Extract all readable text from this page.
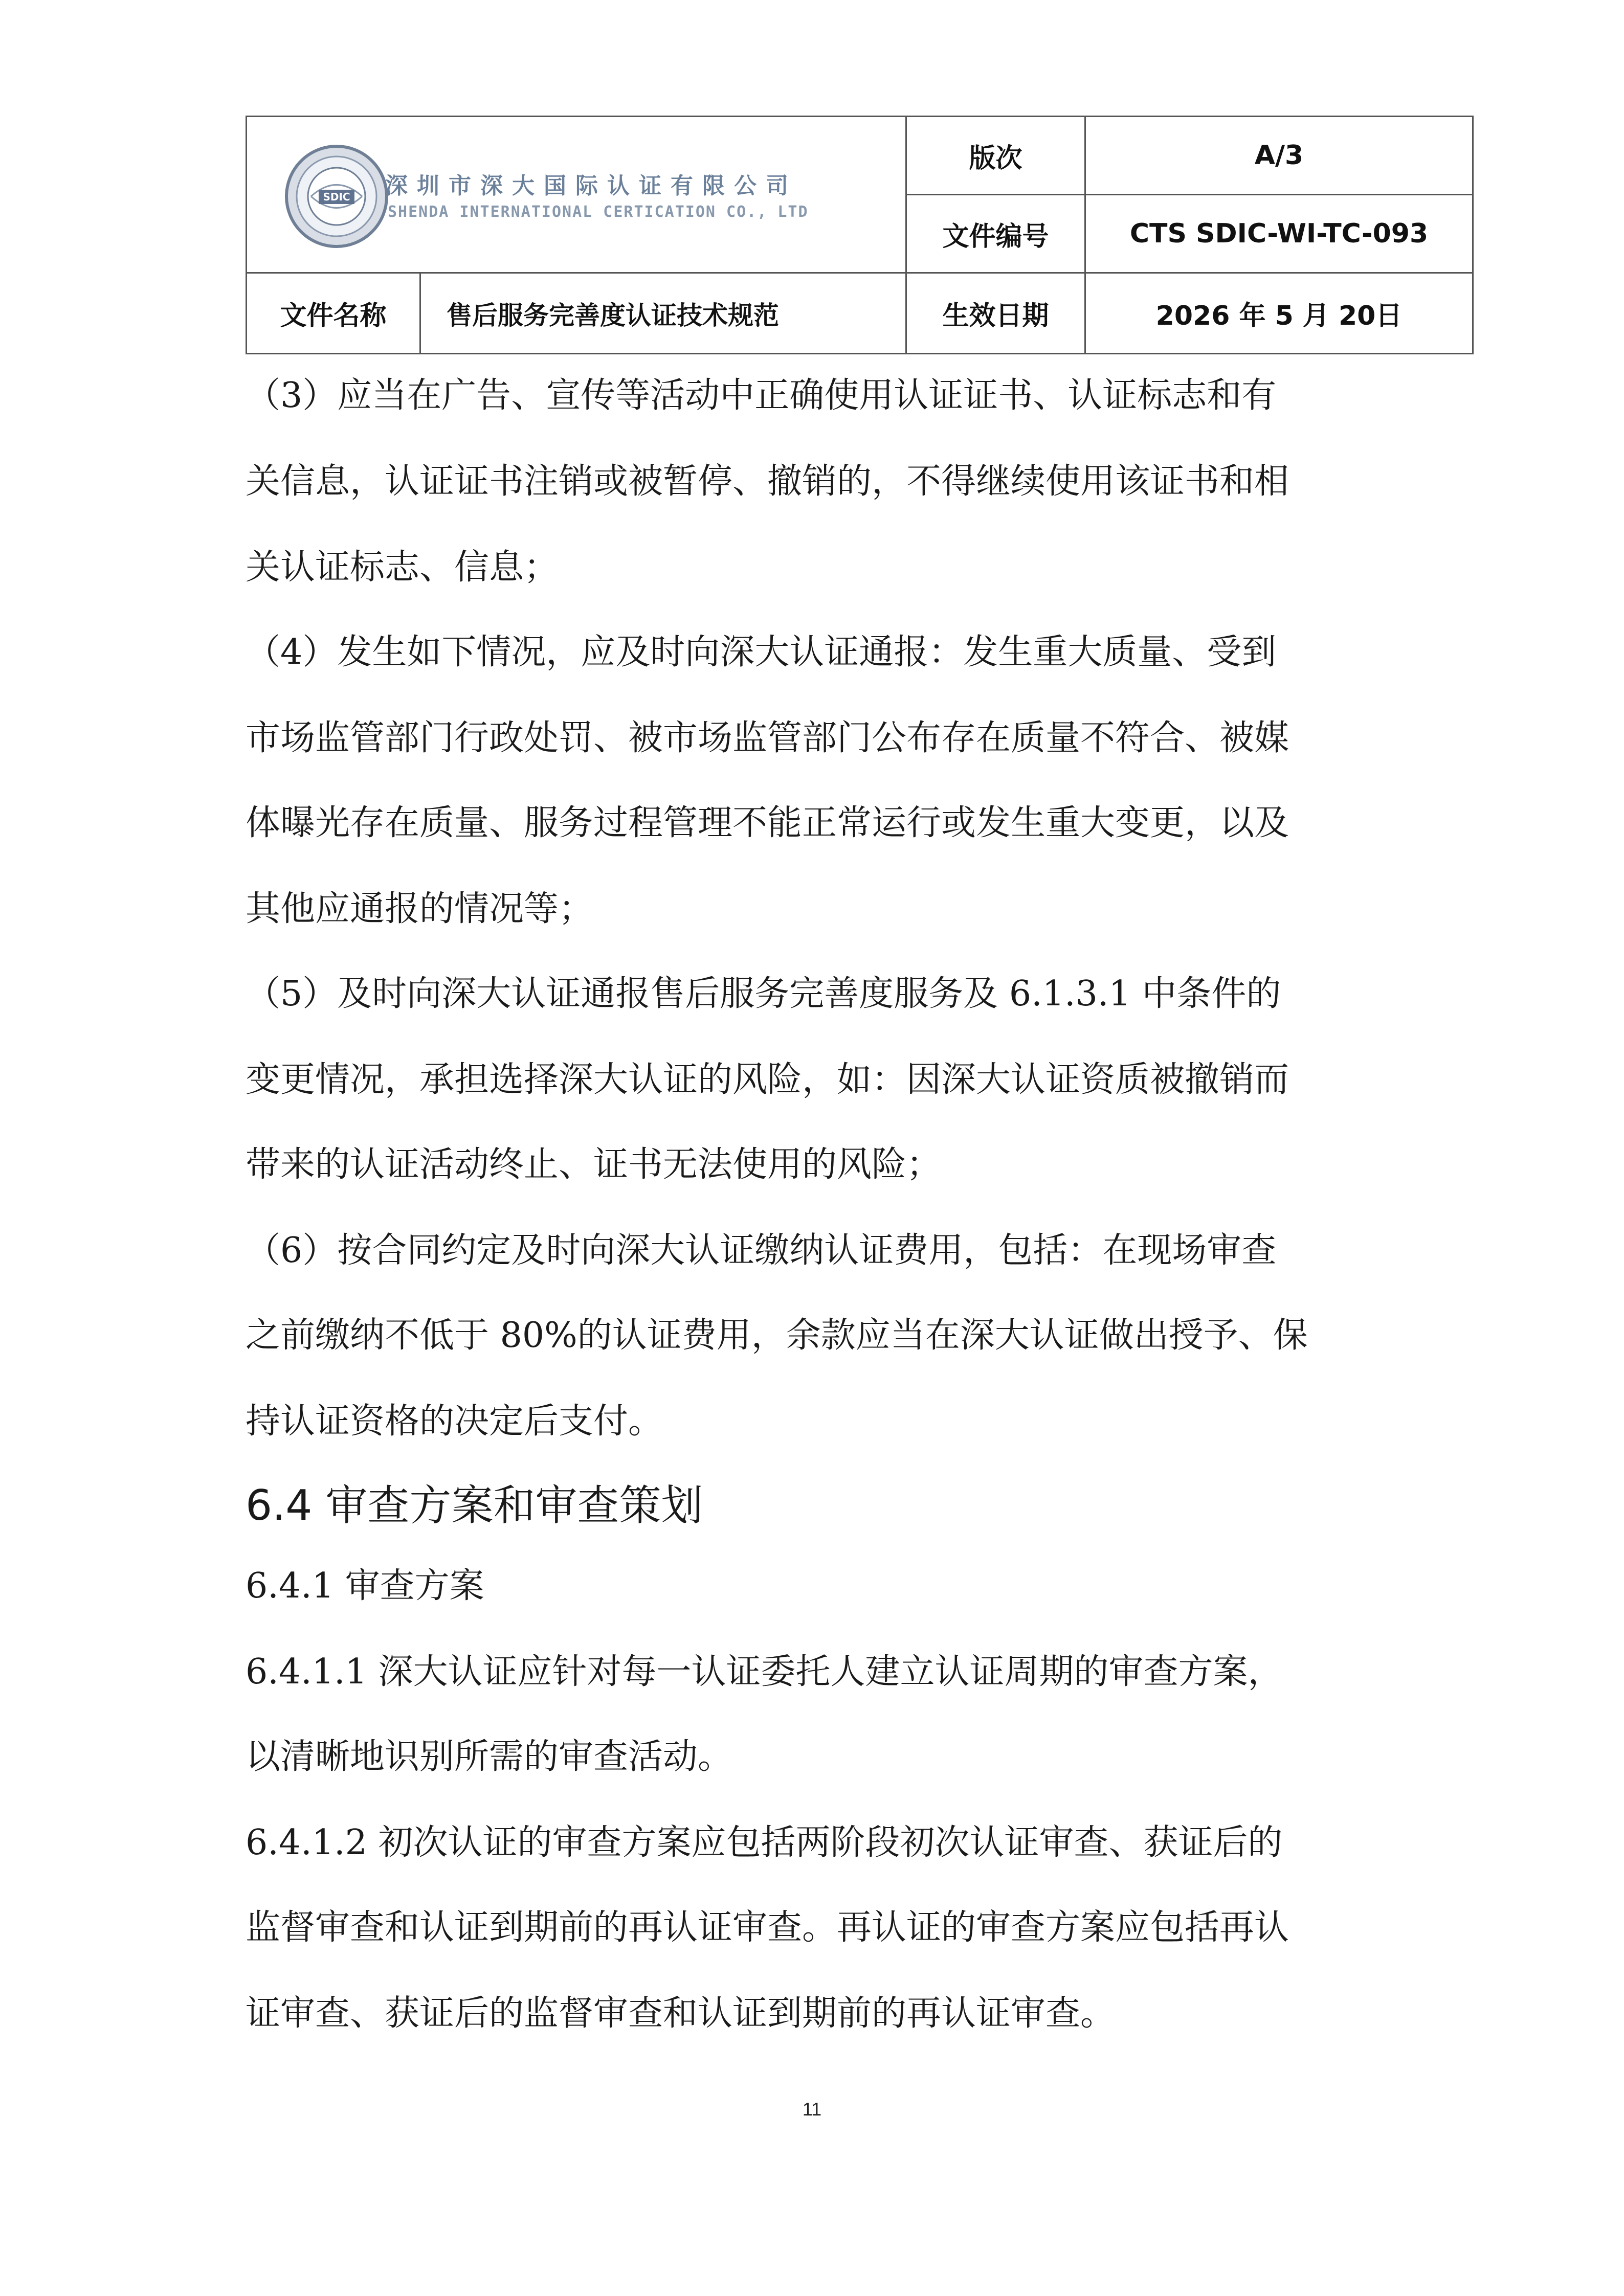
SDIC 深圳市深大国际认证有限公司
SHENDA INTERNATIONAL CERTICATION CO., LTD		版次	A/3
		文件编号	CTS SDIC-WI-TC-093
文件名称	售后服务完善度认证技术规范	生效日期	2026 年 5 月 20日
（3）应当在广告、宣传等活动中正确使用认证证书、认证标志和有
关信息，认证证书注销或被暂停、撤销的，不得继续使用该证书和相
关认证标志、信息；
（4）发生如下情况，应及时向深大认证通报：发生重大质量、受到
市场监管部门行政处罚、被市场监管部门公布存在质量不符合、被媒
体曝光存在质量、服务过程管理不能正常运行或发生重大变更，以及
其他应通报的情况等；
（5）及时向深大认证通报售后服务完善度服务及 6.1.3.1 中条件的
变更情况，承担选择深大认证的风险，如：因深大认证资质被撤销而
带来的认证活动终止、证书无法使用的风险；
（6）按合同约定及时向深大认证缴纳认证费用，包括：在现场审查
之前缴纳不低于 80%的认证费用，余款应当在深大认证做出授予、保
持认证资格的决定后支付。
6.4 审查方案和审查策划
6.4.1 审查方案
6.4.1.1 深大认证应针对每一认证委托人建立认证周期的审查方案，
以清晰地识别所需的审查活动。
6.4.1.2 初次认证的审查方案应包括两阶段初次认证审查、获证后的
监督审查和认证到期前的再认证审查。再认证的审查方案应包括再认
证审查、获证后的监督审查和认证到期前的再认证审查。
11
